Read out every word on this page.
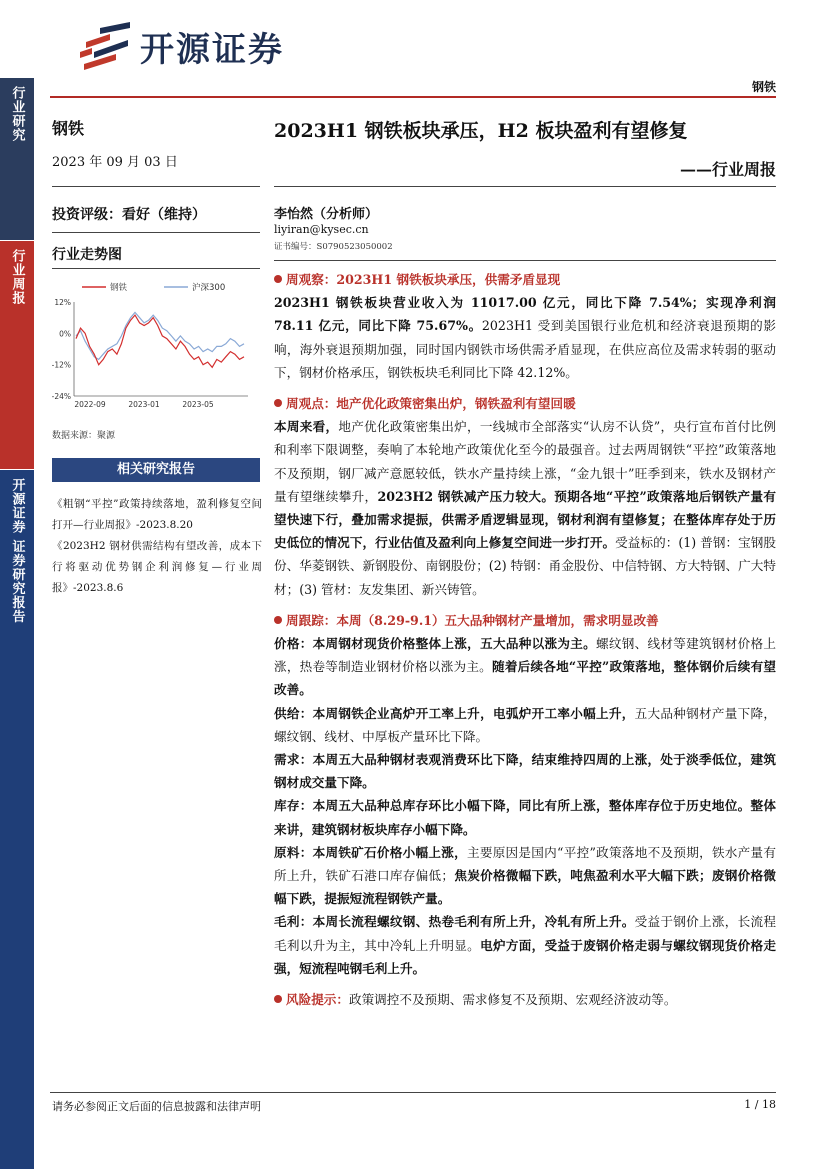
开源证券
钢铁
行业研究
行业周报
开源证券 证券研究报告
钢铁
2023 年 09 月 03 日
投资评级：看好（维持）
行业走势图
12%
0%
-12%
-24%
2022-09	2023-01	2023-05
钢铁	沪深300
数据来源：聚源
相关研究报告

《粗钢“平控”政策持续落地，盈利修复空间打开—行业周报》-2023.8.20

《2023H2 钢材供需结构有望改善，成本下行将驱动优势钢企利润修复—行业周报》-2023.8.6

2023H1 钢铁板块承压，H2 板块盈利有望修复
——行业周报
李怡然（分析师）
liyiran@kysec.cn
证书编号：S0790523050002

周观察：2023H1 钢铁板块承压，供需矛盾显现

2023H1 钢铁板块营业收入为 11017.00 亿元，同比下降 7.54%；实现净利润 78.11 亿元，同比下降 75.67%。2023H1 受到美国银行业危机和经济衰退预期的影响，海外衰退预期加强，同时国内钢铁市场供需矛盾显现，在供应高位及需求转弱的驱动下，钢材价格承压，钢铁板块毛利同比下降 42.12%。

周观点：地产优化政策密集出炉，钢铁盈利有望回暖

本周来看，地产优化政策密集出炉，一线城市全部落实“认房不认贷”，央行宣布首付比例和利率下限调整，奏响了本轮地产政策优化至今的最强音。过去两周钢铁“平控”政策落地不及预期，钢厂减产意愿较低，铁水产量持续上涨，“金九银十”旺季到来，铁水及钢材产量有望继续攀升，2023H2 钢铁减产压力较大。预期各地“平控”政策落地后钢铁产量有望快速下行，叠加需求提振，供需矛盾逻辑显现，钢材利润有望修复；在整体库存处于历史低位的情况下，行业估值及盈利向上修复空间进一步打开。受益标的：(1) 普钢：宝钢股份、华菱钢铁、新钢股份、南钢股份；(2) 特钢：甬金股份、中信特钢、方大特钢、广大特材；(3) 管材：友发集团、新兴铸管。

周跟踪：本周（8.29-9.1）五大品种钢材产量增加，需求明显改善

价格：本周钢材现货价格整体上涨，五大品种以涨为主。螺纹钢、线材等建筑钢材价格上涨，热卷等制造业钢材价格以涨为主。随着后续各地“平控”政策落地，整体钢价后续有望改善。

供给：本周钢铁企业高炉开工率上升，电弧炉开工率小幅上升，五大品种钢材产量下降，螺纹钢、线材、中厚板产量环比下降。

需求：本周五大品种钢材表观消费环比下降，结束维持四周的上涨，处于淡季低位，建筑钢材成交量下降。

库存：本周五大品种总库存环比小幅下降，同比有所上涨，整体库存位于历史地位。整体来讲，建筑钢材板块库存小幅下降。

原料：本周铁矿石价格小幅上涨，主要原因是国内“平控”政策落地不及预期，铁水产量有所上升，铁矿石港口库存偏低；焦炭价格微幅下跌，吨焦盈利水平大幅下跌；废钢价格微幅下跌，提振短流程钢铁产量。

毛利：本周长流程螺纹钢、热卷毛利有所上升，冷轧有所上升。受益于钢价上涨，长流程毛利以升为主，其中冷轧上升明显。电炉方面，受益于废钢价格走弱与螺纹钢现货价格走强，短流程吨钢毛利上升。

风险提示：政策调控不及预期、需求修复不及预期、宏观经济波动等。

请务必参阅正文后面的信息披露和法律声明	1 / 18
